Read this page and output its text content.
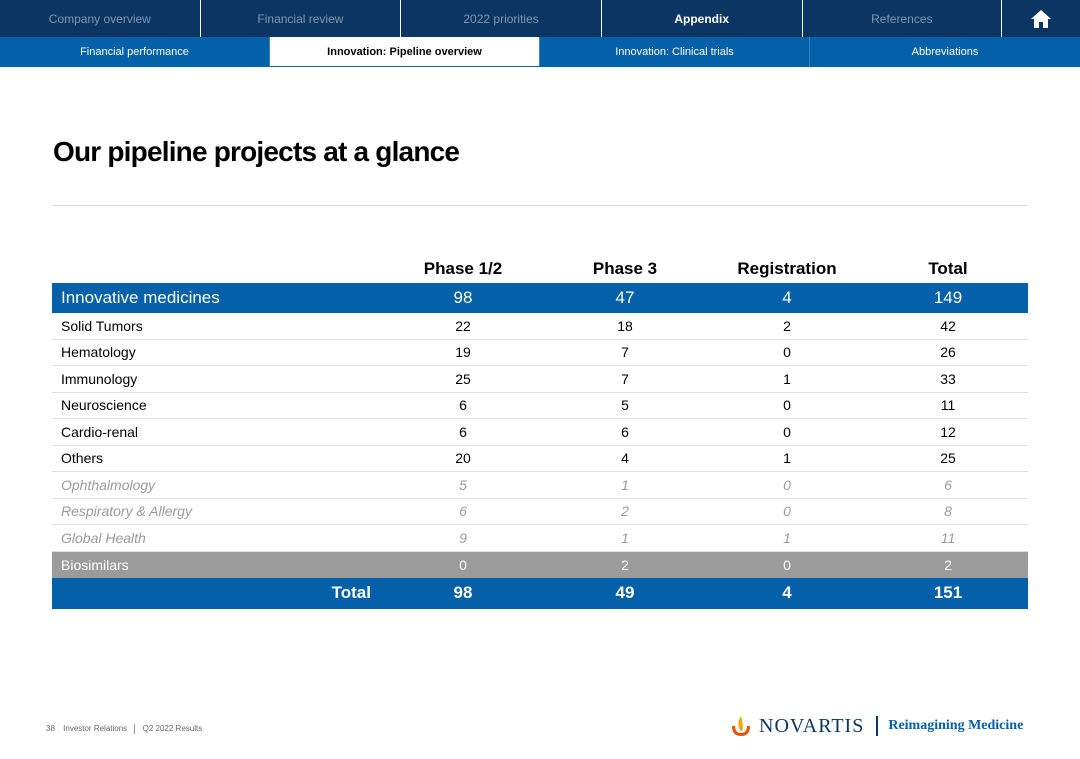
Company overview	Financial review	2022 priorities	Appendix	References
Financial performance	Innovation: Pipeline overview	Innovation: Clinical trials	Abbreviations
Our pipeline projects at a glance
Phase 1/2	Phase 3	Registration	Total
Innovative medicines	98	47	4	149
Solid Tumors	22	18	2	42
Hematology	19	7	0	26
Immunology	25	7	1	33
Neuroscience	6	5	0	11
Cardio-renal	6	6	0	12
Others	20	4	1	25
Ophthalmology	5	1	0	6
Respiratory & Allergy	6	2	0	8
Global Health	9	1	1	11
Biosimilars	0	2	0	2
Total	98	49	4	151
38 Investor Relations Q2 2022 Results	NOVARTIS Reimagining Medicine
